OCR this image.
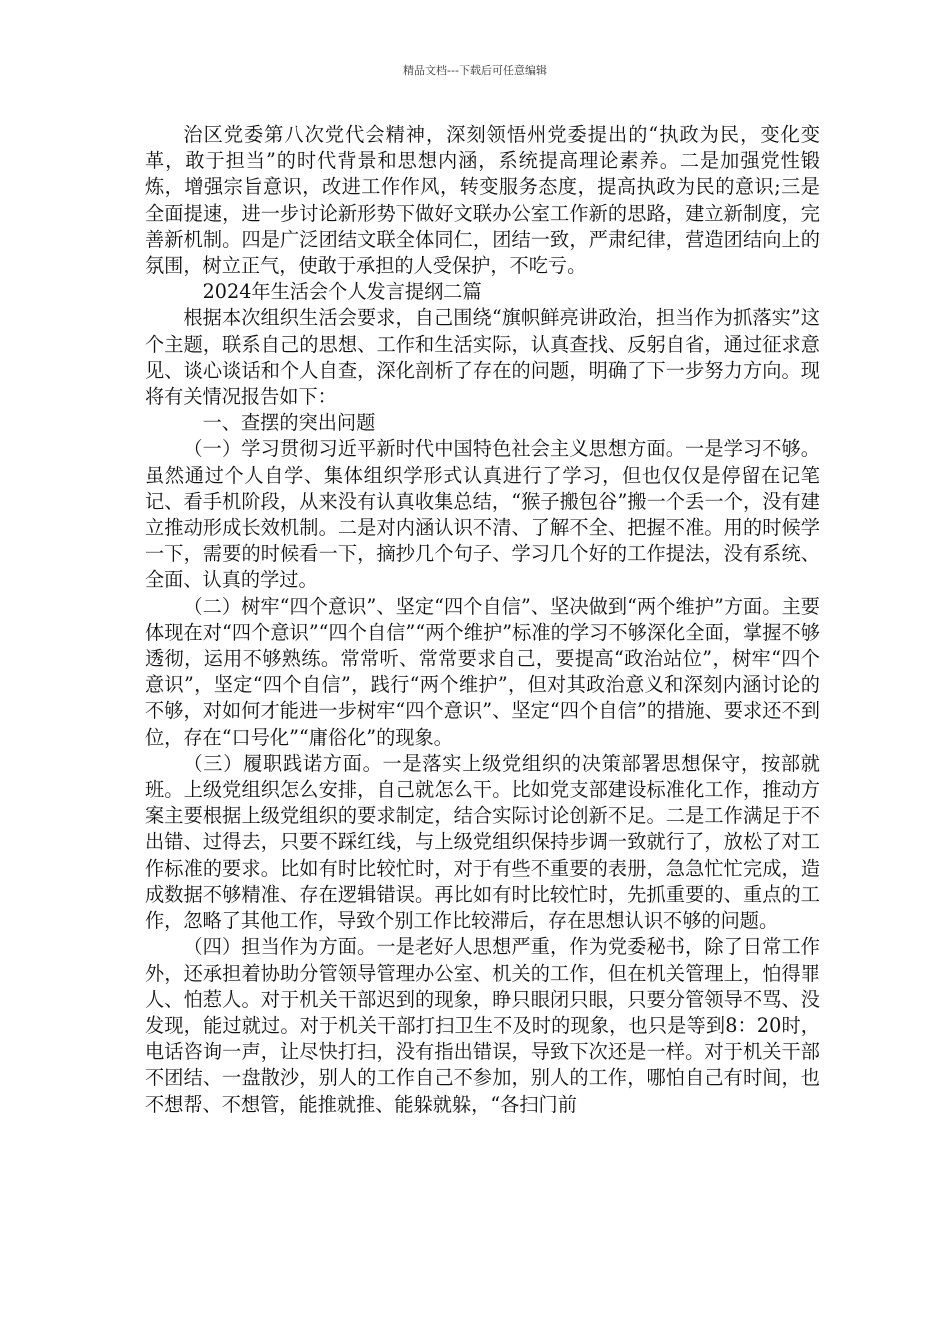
精品文档---下载后可任意编辑

治区党委第八次党代会精神，深刻领悟州党委提出的“执政为民，变化变革，敢于担当”的时代背景和思想内涵，系统提高理论素养。二是加强党性锻炼，增强宗旨意识，改进工作作风，转变服务态度，提高执政为民的意识;三是全面提速，进一步讨论新形势下做好文联办公室工作新的思路，建立新制度，完善新机制。四是广泛团结文联全体同仁，团结一致，严肃纪律，营造团结向上的氛围，树立正气，使敢于承担的人受保护，不吃亏。

2024年生活会个人发言提纲二篇

根据本次组织生活会要求，自己围绕“旗帜鲜亮讲政治，担当作为抓落实”这个主题，联系自己的思想、工作和生活实际，认真查找、反躬自省，通过征求意见、谈心谈话和个人自查，深化剖析了存在的问题，明确了下一步努力方向。现将有关情况报告如下：

一、查摆的突出问题

（一）学习贯彻习近平新时代中国特色社会主义思想方面。一是学习不够。虽然通过个人自学、集体组织学形式认真进行了学习，但也仅仅是停留在记笔记、看手机阶段，从来没有认真收集总结，“猴子搬包谷”搬一个丢一个，没有建立推动形成长效机制。二是对内涵认识不清、了解不全、把握不准。用的时候学一下，需要的时候看一下，摘抄几个句子、学习几个好的工作提法，没有系统、全面、认真的学过。

（二）树牢“四个意识”、坚定“四个自信”、坚决做到“两个维护”方面。主要体现在对“四个意识”“四个自信”“两个维护”标准的学习不够深化全面，掌握不够透彻，运用不够熟练。常常听、常常要求自己，要提高“政治站位”，树牢“四个意识”，坚定“四个自信”，践行“两个维护”，但对其政治意义和深刻内涵讨论的不够，对如何才能进一步树牢“四个意识”、坚定“四个自信”的措施、要求还不到位，存在“口号化”“庸俗化”的现象。

（三）履职践诺方面。一是落实上级党组织的决策部署思想保守，按部就班。上级党组织怎么安排，自己就怎么干。比如党支部建设标准化工作，推动方案主要根据上级党组织的要求制定，结合实际讨论创新不足。二是工作满足于不出错、过得去，只要不踩红线，与上级党组织保持步调一致就行了，放松了对工作标准的要求。比如有时比较忙时，对于有些不重要的表册，急急忙忙完成，造成数据不够精准、存在逻辑错误。再比如有时比较忙时，先抓重要的、重点的工作，忽略了其他工作，导致个别工作比较滞后，存在思想认识不够的问题。

（四）担当作为方面。一是老好人思想严重，作为党委秘书，除了日常工作外，还承担着协助分管领导管理办公室、机关的工作，但在机关管理上，怕得罪人、怕惹人。对于机关干部迟到的现象，睁只眼闭只眼，只要分管领导不骂、没发现，能过就过。对于机关干部打扫卫生不及时的现象，也只是等到8：20时，电话咨询一声，让尽快打扫，没有指出错误，导致下次还是一样。对于机关干部不团结、一盘散沙，别人的工作自己不参加，别人的工作，哪怕自己有时间，也不想帮、不想管，能推就推、能躲就躲，“各扫门前
